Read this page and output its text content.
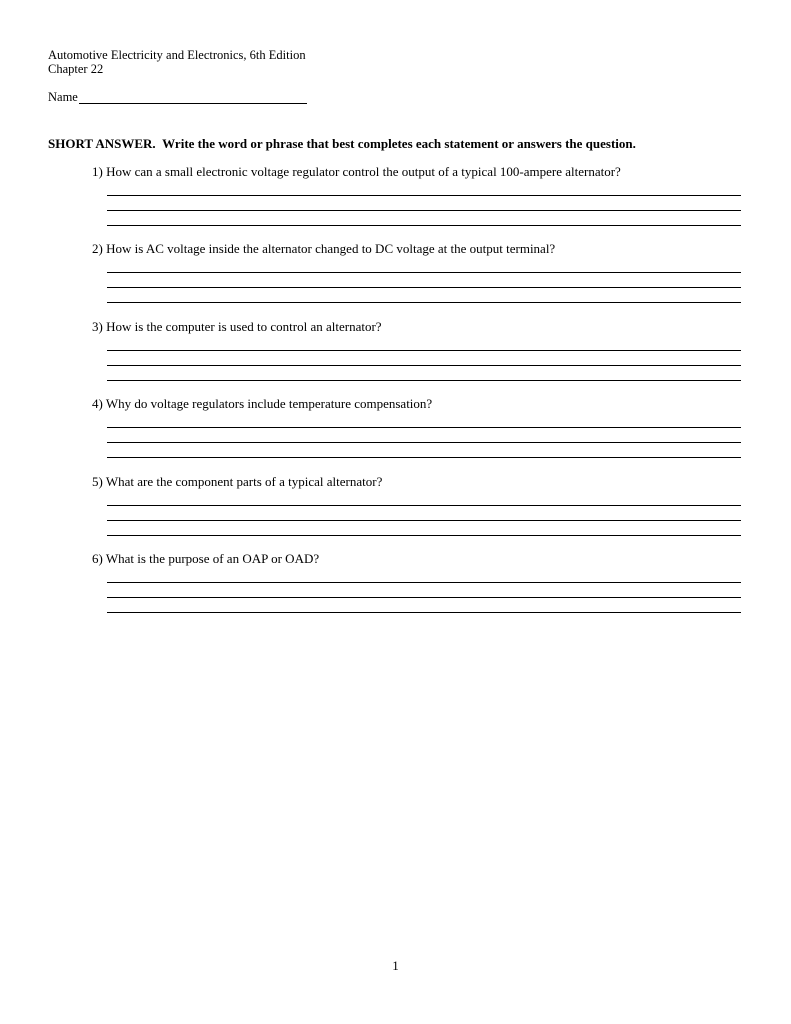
Automotive Electricity and Electronics, 6th Edition
Chapter 22
Name
SHORT ANSWER. Write the word or phrase that best completes each statement or answers the question.
1) How can a small electronic voltage regulator control the output of a typical 100-ampere alternator?
2) How is AC voltage inside the alternator changed to DC voltage at the output terminal?
3) How is the computer is used to control an alternator?
4) Why do voltage regulators include temperature compensation?
5) What are the component parts of a typical alternator?
6) What is the purpose of an OAP or OAD?
1
